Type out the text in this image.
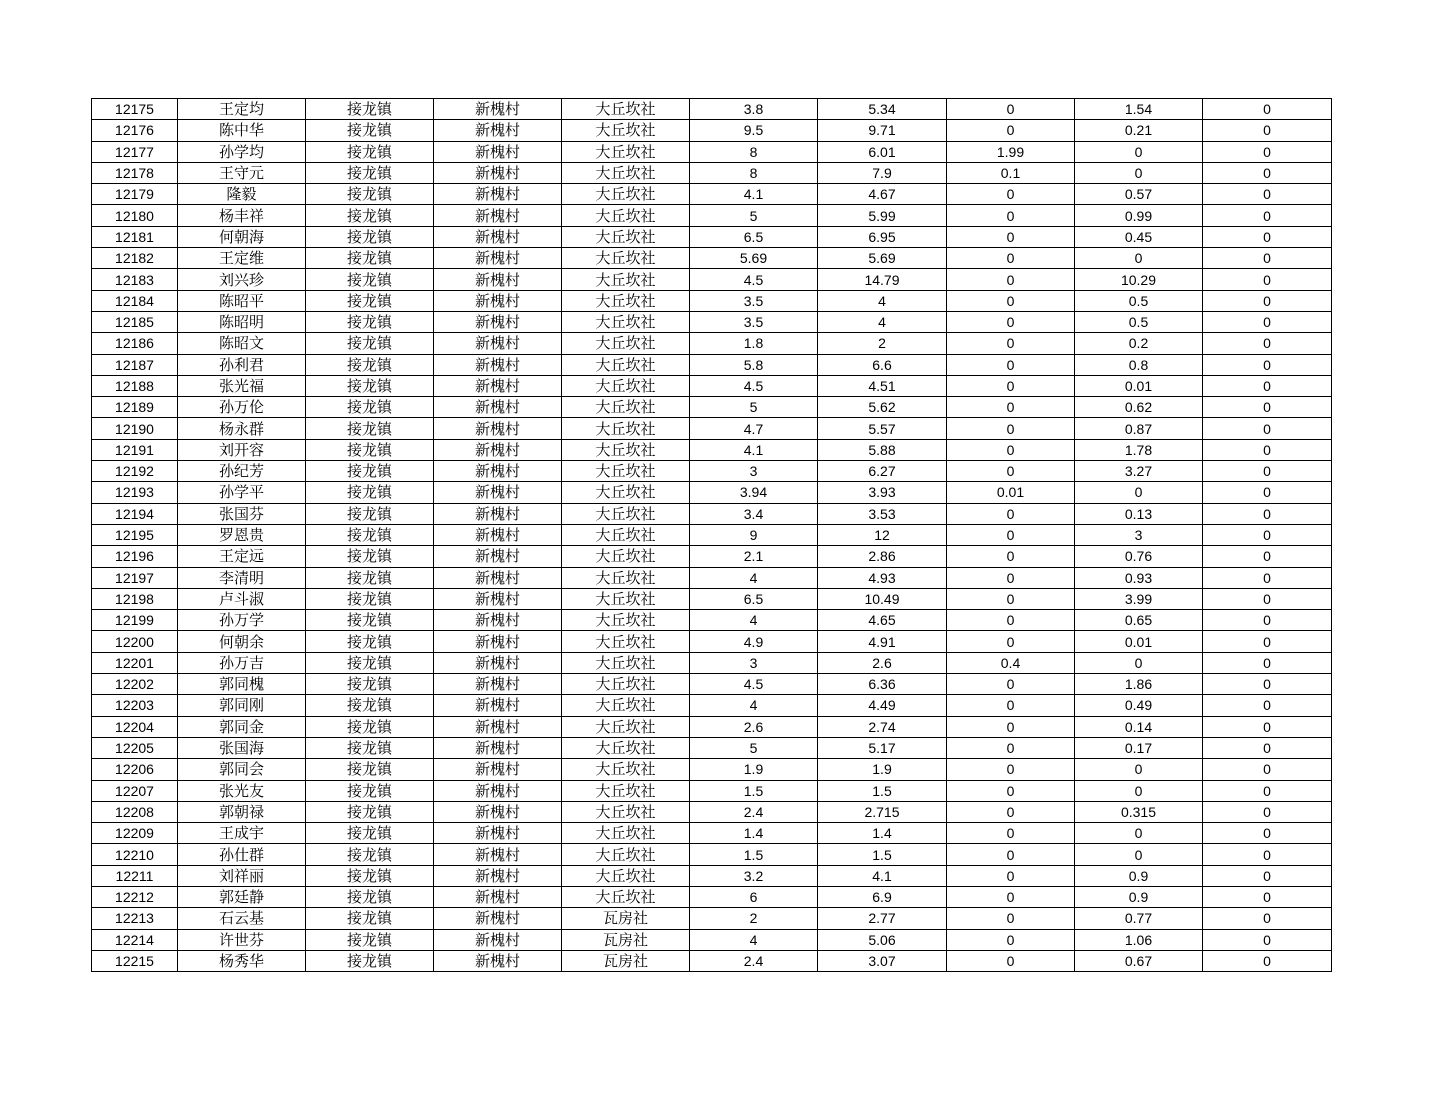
12175	王定均	接龙镇	新槐村	大丘坎社	3.8	5.34	0	1.54	0
12176	陈中华	接龙镇	新槐村	大丘坎社	9.5	9.71	0	0.21	0
12177	孙学均	接龙镇	新槐村	大丘坎社	8	6.01	1.99	0	0
12178	王守元	接龙镇	新槐村	大丘坎社	8	7.9	0.1	0	0
12179	隆毅	接龙镇	新槐村	大丘坎社	4.1	4.67	0	0.57	0
12180	杨丰祥	接龙镇	新槐村	大丘坎社	5	5.99	0	0.99	0
12181	何朝海	接龙镇	新槐村	大丘坎社	6.5	6.95	0	0.45	0
12182	王定维	接龙镇	新槐村	大丘坎社	5.69	5.69	0	0	0
12183	刘兴珍	接龙镇	新槐村	大丘坎社	4.5	14.79	0	10.29	0
12184	陈昭平	接龙镇	新槐村	大丘坎社	3.5	4	0	0.5	0
12185	陈昭明	接龙镇	新槐村	大丘坎社	3.5	4	0	0.5	0
12186	陈昭文	接龙镇	新槐村	大丘坎社	1.8	2	0	0.2	0
12187	孙利君	接龙镇	新槐村	大丘坎社	5.8	6.6	0	0.8	0
12188	张光福	接龙镇	新槐村	大丘坎社	4.5	4.51	0	0.01	0
12189	孙万伦	接龙镇	新槐村	大丘坎社	5	5.62	0	0.62	0
12190	杨永群	接龙镇	新槐村	大丘坎社	4.7	5.57	0	0.87	0
12191	刘开容	接龙镇	新槐村	大丘坎社	4.1	5.88	0	1.78	0
12192	孙纪芳	接龙镇	新槐村	大丘坎社	3	6.27	0	3.27	0
12193	孙学平	接龙镇	新槐村	大丘坎社	3.94	3.93	0.01	0	0
12194	张国芬	接龙镇	新槐村	大丘坎社	3.4	3.53	0	0.13	0
12195	罗恩贵	接龙镇	新槐村	大丘坎社	9	12	0	3	0
12196	王定远	接龙镇	新槐村	大丘坎社	2.1	2.86	0	0.76	0
12197	李清明	接龙镇	新槐村	大丘坎社	4	4.93	0	0.93	0
12198	卢斗淑	接龙镇	新槐村	大丘坎社	6.5	10.49	0	3.99	0
12199	孙万学	接龙镇	新槐村	大丘坎社	4	4.65	0	0.65	0
12200	何朝余	接龙镇	新槐村	大丘坎社	4.9	4.91	0	0.01	0
12201	孙万吉	接龙镇	新槐村	大丘坎社	3	2.6	0.4	0	0
12202	郭同槐	接龙镇	新槐村	大丘坎社	4.5	6.36	0	1.86	0
12203	郭同刚	接龙镇	新槐村	大丘坎社	4	4.49	0	0.49	0
12204	郭同金	接龙镇	新槐村	大丘坎社	2.6	2.74	0	0.14	0
12205	张国海	接龙镇	新槐村	大丘坎社	5	5.17	0	0.17	0
12206	郭同会	接龙镇	新槐村	大丘坎社	1.9	1.9	0	0	0
12207	张光友	接龙镇	新槐村	大丘坎社	1.5	1.5	0	0	0
12208	郭朝禄	接龙镇	新槐村	大丘坎社	2.4	2.715	0	0.315	0
12209	王成宇	接龙镇	新槐村	大丘坎社	1.4	1.4	0	0	0
12210	孙仕群	接龙镇	新槐村	大丘坎社	1.5	1.5	0	0	0
12211	刘祥丽	接龙镇	新槐村	大丘坎社	3.2	4.1	0	0.9	0
12212	郭廷静	接龙镇	新槐村	大丘坎社	6	6.9	0	0.9	0
12213	石云基	接龙镇	新槐村	瓦房社	2	2.77	0	0.77	0
12214	许世芬	接龙镇	新槐村	瓦房社	4	5.06	0	1.06	0
12215	杨秀华	接龙镇	新槐村	瓦房社	2.4	3.07	0	0.67	0
